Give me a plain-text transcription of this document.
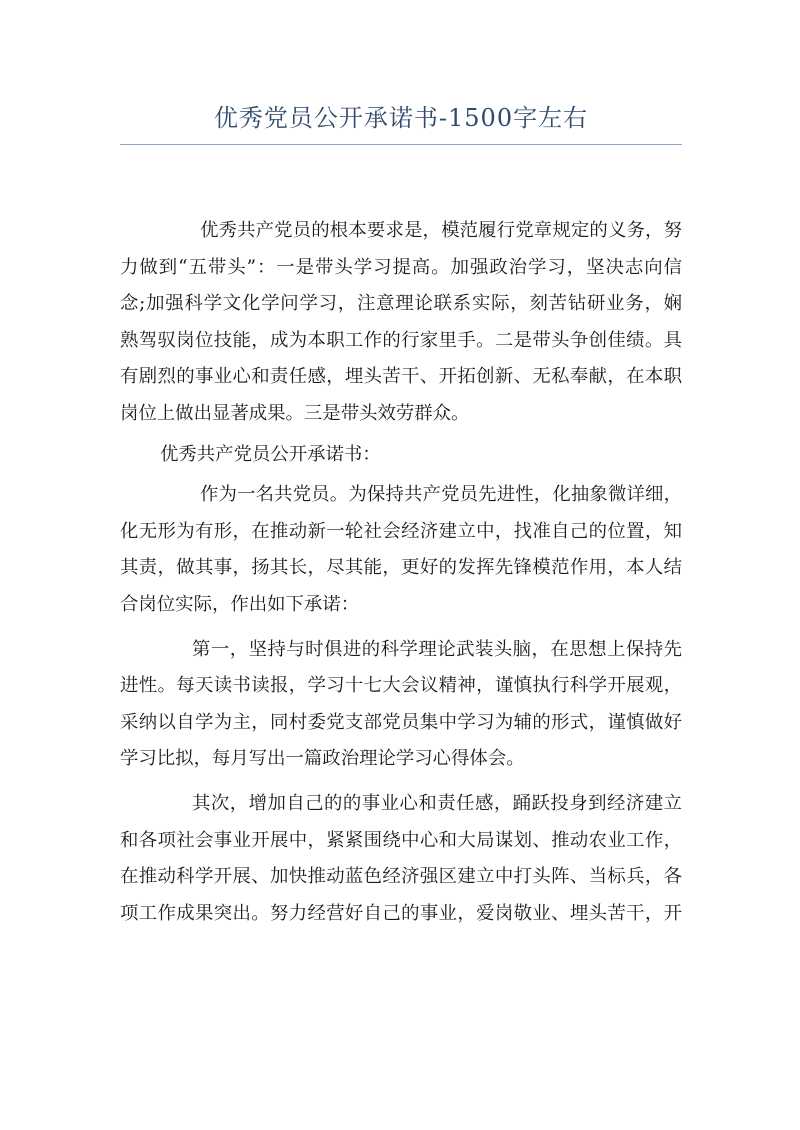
优秀党员公开承诺书-1500字左右
优秀共产党员的根本要求是，模范履行党章规定的义务，努
力做到“五带头”：一是带头学习提高。加强政治学习，坚决志向信
念;加强科学文化学问学习，注意理论联系实际，刻苦钻研业务，娴
熟驾驭岗位技能，成为本职工作的行家里手。二是带头争创佳绩。具
有剧烈的事业心和责任感，埋头苦干、开拓创新、无私奉献，在本职
岗位上做出显著成果。三是带头效劳群众。
优秀共产党员公开承诺书：
作为一名共党员。为保持共产党员先进性，化抽象微详细，
化无形为有形，在推动新一轮社会经济建立中，找准自己的位置，知
其责，做其事，扬其长，尽其能，更好的发挥先锋模范作用，本人结
合岗位实际，作出如下承诺：
第一，坚持与时俱进的科学理论武装头脑，在思想上保持先
进性。每天读书读报，学习十七大会议精神，谨慎执行科学开展观，
采纳以自学为主，同村委党支部党员集中学习为辅的形式，谨慎做好
学习比拟，每月写出一篇政治理论学习心得体会。
其次，增加自己的的事业心和责任感，踊跃投身到经济建立
和各项社会事业开展中，紧紧围绕中心和大局谋划、推动农业工作，
在推动科学开展、加快推动蓝色经济强区建立中打头阵、当标兵，各
项工作成果突出。努力经营好自己的事业，爱岗敬业、埋头苦干，开
